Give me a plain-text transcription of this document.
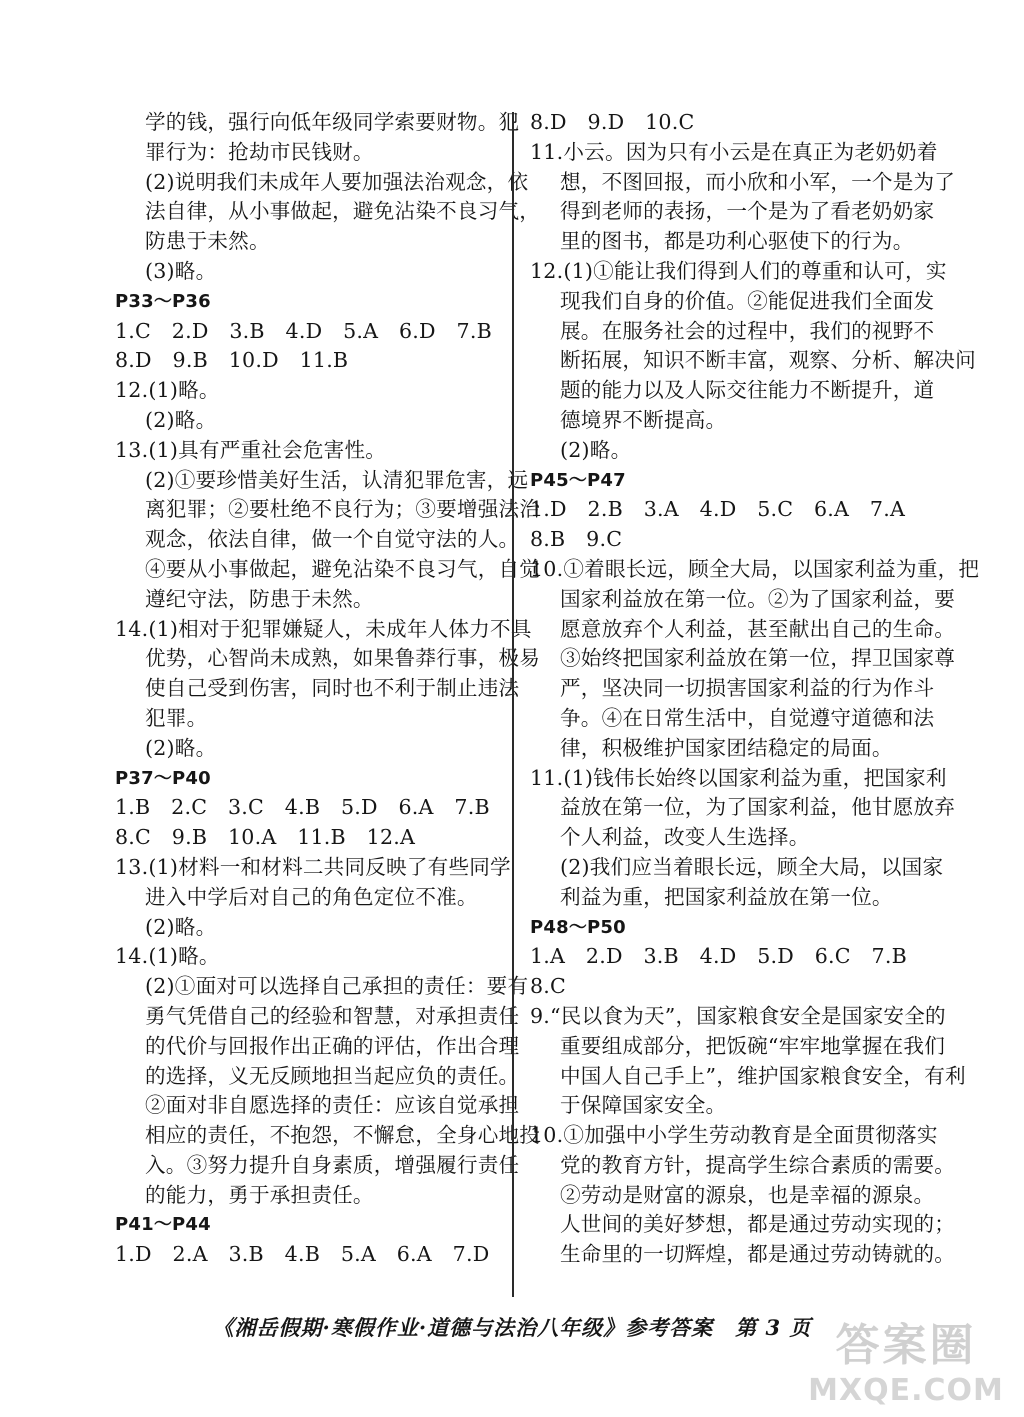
学的钱，强行向低年级同学索要财物。犯
罪行为：抢劫市民钱财。
(2)说明我们未成年人要加强法治观念，依
法自律，从小事做起，避免沾染不良习气，
防患于未然。
(3)略。
P33～P36
1.C　2.D　3.B　4.D　5.A　6.D　7.B
8.D　9.B　10.D　11.B
12.(1)略。
(2)略。
13.(1)具有严重社会危害性。
(2)①要珍惜美好生活，认清犯罪危害，远
离犯罪；②要杜绝不良行为；③要增强法治
观念，依法自律，做一个自觉守法的人。
④要从小事做起，避免沾染不良习气，自觉
遵纪守法，防患于未然。
14.(1)相对于犯罪嫌疑人，未成年人体力不具
优势，心智尚未成熟，如果鲁莽行事，极易
使自己受到伤害，同时也不利于制止违法
犯罪。
(2)略。
P37～P40
1.B　2.C　3.C　4.B　5.D　6.A　7.B
8.C　9.B　10.A　11.B　12.A
13.(1)材料一和材料二共同反映了有些同学
进入中学后对自己的角色定位不准。
(2)略。
14.(1)略。
(2)①面对可以选择自己承担的责任：要有
勇气凭借自己的经验和智慧，对承担责任
的代价与回报作出正确的评估，作出合理
的选择，义无反顾地担当起应负的责任。
②面对非自愿选择的责任：应该自觉承担
相应的责任，不抱怨，不懈怠，全身心地投
入。③努力提升自身素质，增强履行责任
的能力，勇于承担责任。
P41～P44
1.D　2.A　3.B　4.B　5.A　6.A　7.D
8.D　9.D　10.C
11.小云。因为只有小云是在真正为老奶奶着
想，不图回报，而小欣和小军，一个是为了
得到老师的表扬，一个是为了看老奶奶家
里的图书，都是功利心驱使下的行为。
12.(1)①能让我们得到人们的尊重和认可，实
现我们自身的价值。②能促进我们全面发
展。在服务社会的过程中，我们的视野不
断拓展，知识不断丰富，观察、分析、解决问
题的能力以及人际交往能力不断提升，道
德境界不断提高。
(2)略。
P45～P47
1.D　2.B　3.A　4.D　5.C　6.A　7.A
8.B　9.C
10.①着眼长远，顾全大局，以国家利益为重，把
国家利益放在第一位。②为了国家利益，要
愿意放弃个人利益，甚至献出自己的生命。
③始终把国家利益放在第一位，捍卫国家尊
严，坚决同一切损害国家利益的行为作斗
争。④在日常生活中，自觉遵守道德和法
律，积极维护国家团结稳定的局面。
11.(1)钱伟长始终以国家利益为重，把国家利
益放在第一位，为了国家利益，他甘愿放弃
个人利益，改变人生选择。
(2)我们应当着眼长远，顾全大局，以国家
利益为重，把国家利益放在第一位。
P48～P50
1.A　2.D　3.B　4.D　5.D　6.C　7.B
8.C
9.“民以食为天”，国家粮食安全是国家安全的
重要组成部分，把饭碗“牢牢地掌握在我们
中国人自己手上”，维护国家粮食安全，有利
于保障国家安全。
10.①加强中小学生劳动教育是全面贯彻落实
党的教育方针，提高学生综合素质的需要。
②劳动是财富的源泉，也是幸福的源泉。
人世间的美好梦想，都是通过劳动实现的；
生命里的一切辉煌，都是通过劳动铸就的。
《湘岳假期·寒假作业·道德与法治八年级》参考答案　第 3 页 答案圈
MXQE.COM
